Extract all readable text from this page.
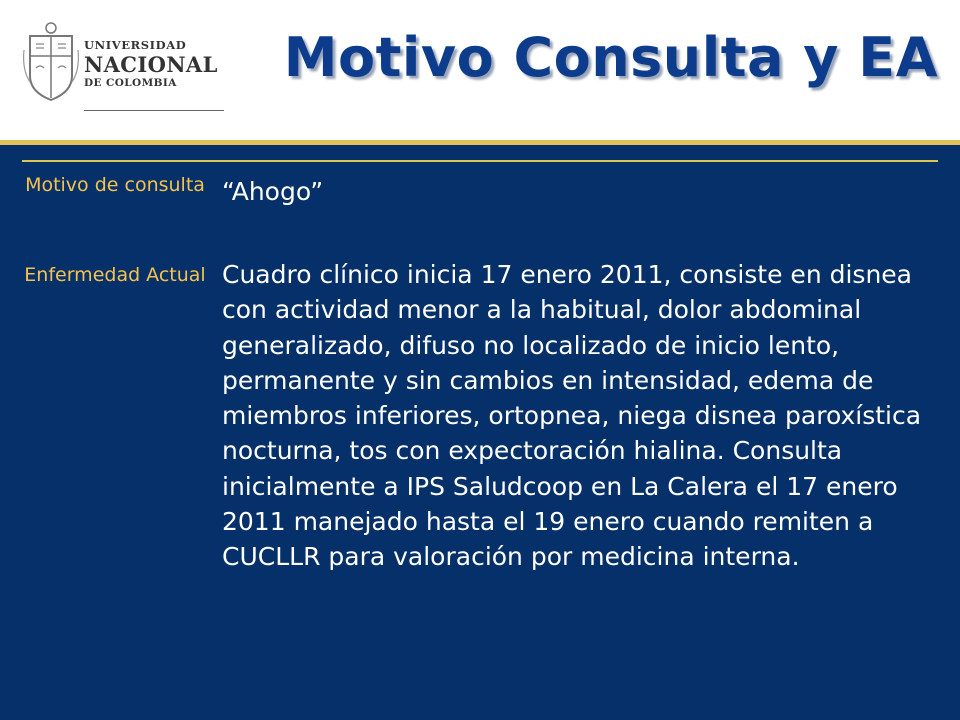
UNIVERSIDAD
NACIONAL
DE COLOMBIA	Motivo Consulta y EA

Motivo de consulta

Enfermedad Actual

“Ahogo”

Cuadro clínico inicia 17 enero 2011, consiste en disnea con actividad menor a la habitual, dolor abdominal generalizado, difuso no localizado de inicio lento, permanente y sin cambios en intensidad, edema de miembros inferiores, ortopnea, niega disnea paroxística nocturna, tos con expectoración hialina. Consulta inicialmente a IPS Saludcoop en La Calera el 17 enero 2011 manejado hasta el 19 enero cuando remiten a CUCLLR para valoración por medicina interna.
